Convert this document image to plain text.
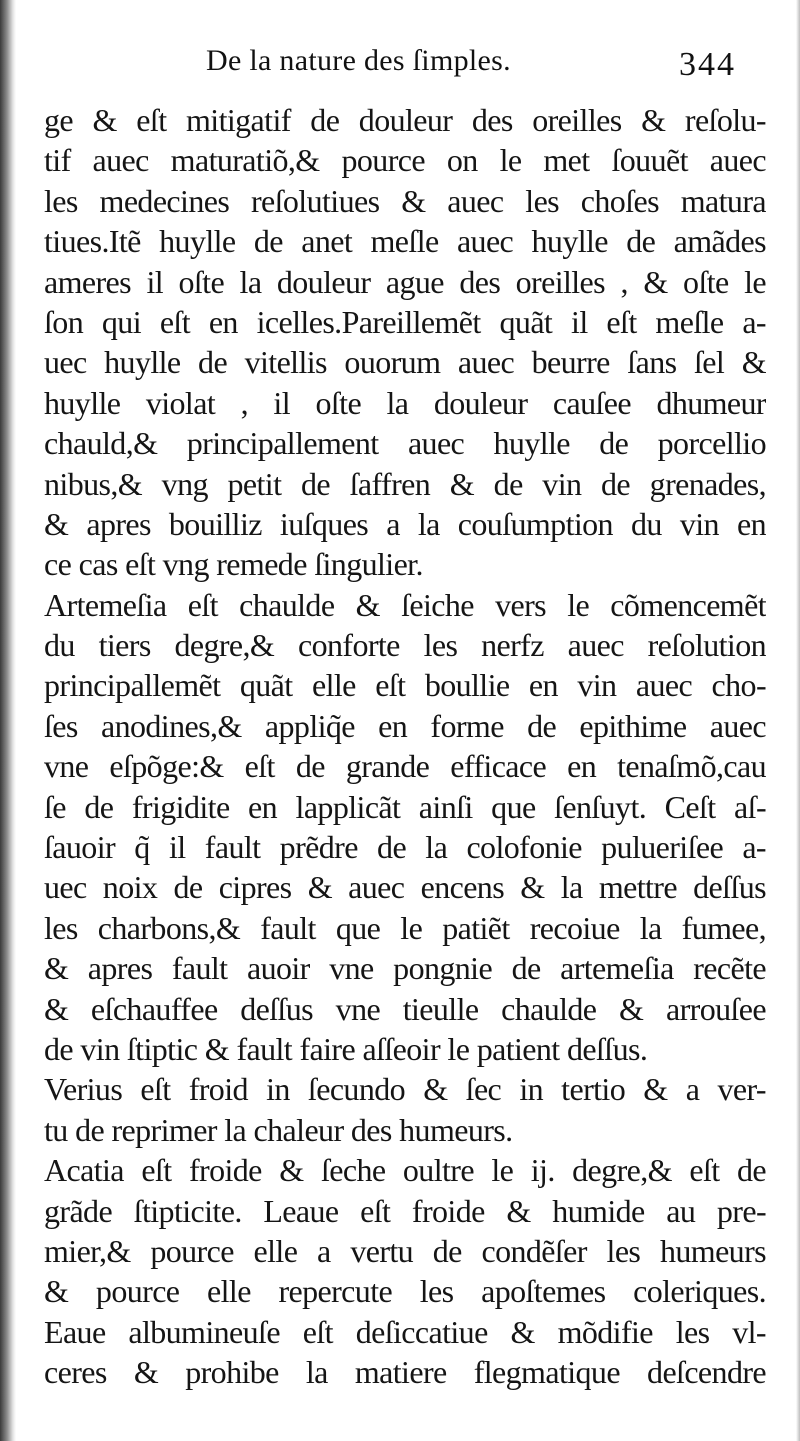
De la nature des ſimples.	344
ge & eſt mitigatif de douleur des oreilles & reſolu-
tif auec maturatiõ,& pource on le met ſouuẽt auec
les medecines reſolutiues & auec les choſes matura
tiues.Itẽ huylle de anet meſle auec huylle de amãdes
ameres il oſte la douleur ague des oreilles , & oſte le
ſon qui eſt en icelles.Pareillemẽt quãt il eſt meſle a-
uec huylle de vitellis ouorum auec beurre ſans ſel &
huylle violat , il oſte la douleur cauſee dhumeur
chauld,& principallement auec huylle de porcellio
nibus,& vng petit de ſaffren & de vin de grenades,
& apres bouilliz iuſques a la couſumption du vin en
ce cas eſt vng remede ſingulier.
Artemeſia eſt chaulde & ſeiche vers le cõmencemẽt
du tiers degre,& conforte les nerfz auec reſolution
principallemẽt quãt elle eſt boullie en vin auec cho-
ſes anodines,& appliq̃e en forme de epithime auec
vne eſpõge:& eſt de grande efficace en tenaſmõ,cau
ſe de frigidite en lapplicãt ainſi que ſenſuyt. Ceſt aſ-
ſauoir q̃ il fault prẽdre de la colofonie pulueriſee a-
uec noix de cipres & auec encens & la mettre deſſus
les charbons,& fault que le patiẽt recoiue la fumee,
& apres fault auoir vne pongnie de artemeſia recẽte
& eſchauffee deſſus vne tieulle chaulde & arrouſee
de vin ſtiptic & fault faire aſſeoir le patient deſſus.
Verius eſt froid in ſecundo & ſec in tertio & a ver-
tu de reprimer la chaleur des humeurs.
Acatia eſt froide & ſeche oultre le ij. degre,& eſt de
grãde ſtipticite. Leaue eſt froide & humide au pre-
mier,& pource elle a vertu de condẽſer les humeurs
& pource elle repercute les apoſtemes coleriques.
Eaue albumineuſe eſt deſiccatiue & mõdifie les vl-
ceres & prohibe la matiere flegmatique deſcendre
